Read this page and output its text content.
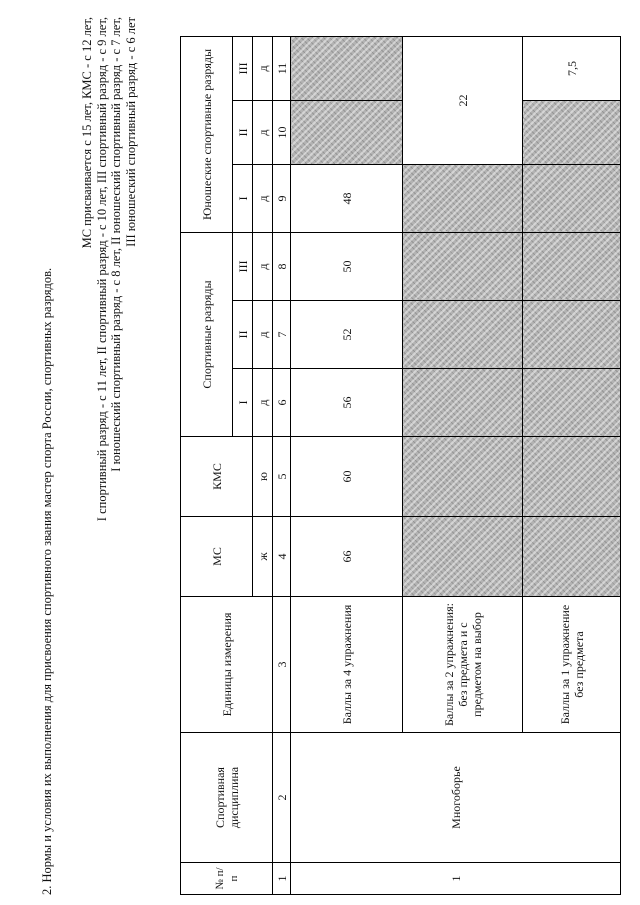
2. Нормы и условия их выполнения для присвоения спортивного звания мастер спорта России, спортивных разрядов.
МС присваивается с 15 лет, КМС - с 12 лет, I спортивный разряд - с 11 лет, II спортивный разряд - с 10 лет, III спортивный разряд - с 9 лет, I юношеский спортивный разряд - с 8 лет, II юношеский спортивный разряд - с 7 лет, III юношеский спортивный разряд - с 6 лет
№ п/п	Спортивная дисциплина	Единицы измерения	МС	КМС	Спортивные разряды			Юношеские спортивные разряды		
					I	II	III	I	II	III
			ж	ю	д	д	д	д	д	д
1	2	3	4	5	6	7	8	9	10	11
1	Многоборье	Баллы за 4 упражнения	66	60	56	52	50	48		
		Баллы за 2 упражнения: без предмета и с предметом на выбор							22	
		Баллы за 1 упражнение без предмета								7,5
